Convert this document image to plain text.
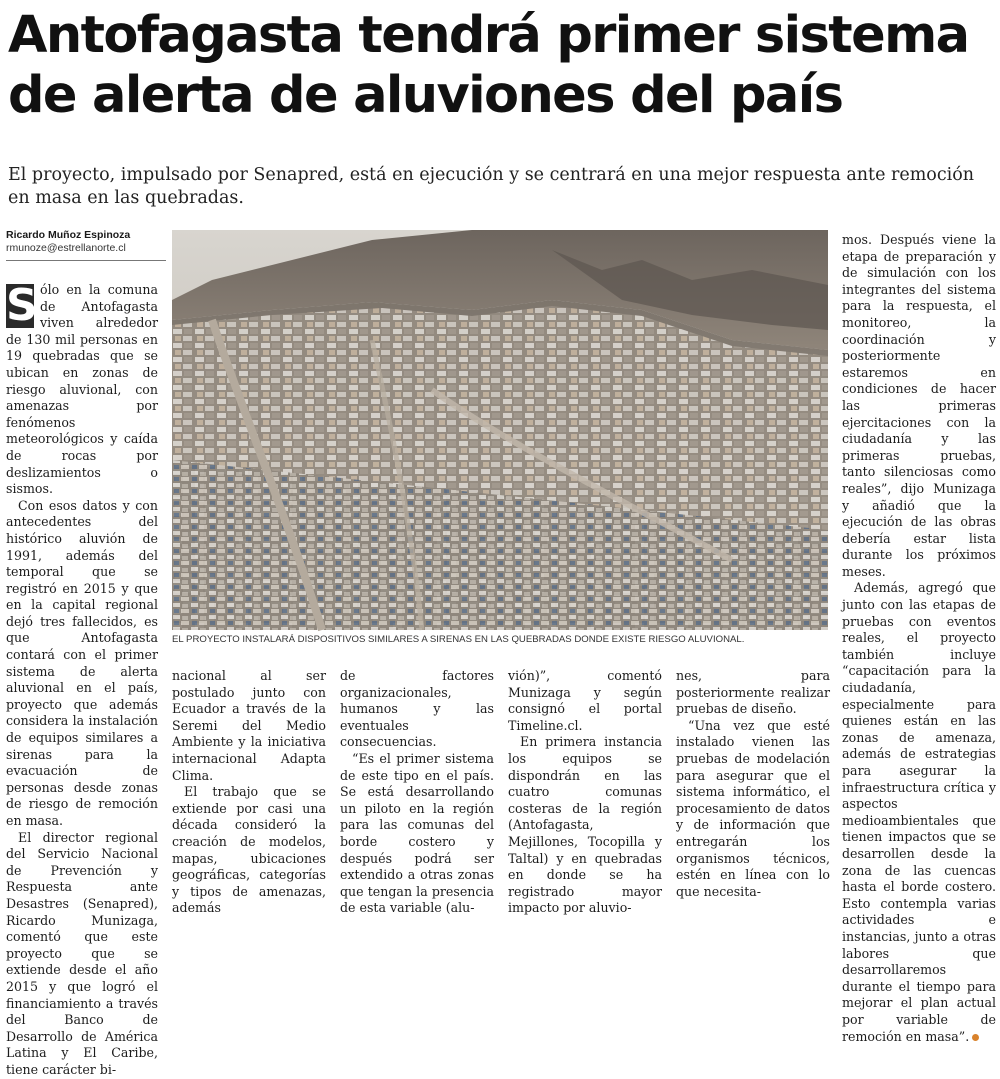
Antofagasta tendrá primer sistema
de alerta de aluviones del país

El proyecto, impulsado por Senapred, está en ejecución y se centrará en una mejor respuesta ante remoción en masa en las quebradas.

Ricardo Muñoz Espinoza
rmunoze@estrellanorte.cl

S ólo en la comuna de Antofagasta viven alrededor de 130 mil personas en 19 quebradas que se ubican en zonas de riesgo aluvional, con amenazas por fenómenos meteorológicos y caída de rocas por deslizamientos o sismos.

Con esos datos y con antecedentes del histórico aluvión de 1991, además del temporal que se registró en 2015 y que en la capital regional dejó tres fallecidos, es que Antofagasta contará con el primer sistema de alerta aluvional en el país, proyecto que además considera la instalación de equipos similares a sirenas para la evacuación de personas desde zonas de riesgo de remoción en masa.

El director regional del Servicio Nacional de Prevención y Respuesta ante Desastres (Senapred), Ricardo Munizaga, comentó que este proyecto que se extiende desde el año 2015 y que logró el financiamiento a través del Banco de Desarrollo de América Latina y El Caribe, tiene carácter bi-

EL PROYECTO INSTALARÁ DISPOSITIVOS SIMILARES A SIRENAS EN LAS QUEBRADAS DONDE EXISTE RIESGO ALUVIONAL.

nacional al ser postulado junto con Ecuador a través de la Seremi del Medio Ambiente y la iniciativa internacional Adapta Clima.

El trabajo que se extiende por casi una década consideró la creación de modelos, mapas, ubicaciones geográficas, categorías y tipos de amenazas, además

de factores organizacionales, humanos y las eventuales consecuencias.

“Es el primer sistema de este tipo en el país. Se está desarrollando un piloto en la región para las comunas del borde costero y después podrá ser extendido a otras zonas que tengan la presencia de esta variable (alu-

vión)”, comentó Munizaga y según consignó el portal Timeline.cl.

En primera instancia los equipos se dispondrán en las cuatro comunas costeras de la región (Antofagasta, Mejillones, Tocopilla y Taltal) y en quebradas en donde se ha registrado mayor impacto por aluvio-

nes, para posteriormente realizar pruebas de diseño.

“Una vez que esté instalado vienen las pruebas de modelación para asegurar que el sistema informático, el procesamiento de datos y de información que entregarán los organismos técnicos, estén en línea con lo que necesita-

mos. Después viene la etapa de preparación y de simulación con los integrantes del sistema para la respuesta, el monitoreo, la coordinación y posteriormente estaremos en condiciones de hacer las primeras ejercitaciones con la ciudadanía y las primeras pruebas, tanto silenciosas como reales”, dijo Munizaga y añadió que la ejecución de las obras debería estar lista durante los próximos meses.

Además, agregó que junto con las etapas de pruebas con eventos reales, el proyecto también incluye “capacitación para la ciudadanía, especialmente para quienes están en las zonas de amenaza, además de estrategias para asegurar la infraestructura crítica y aspectos medioambientales que tienen impactos que se desarrollen desde la zona de las cuencas hasta el borde costero. Esto contempla varias actividades e instancias, junto a otras labores que desarrollaremos durante el tiempo para mejorar el plan actual por variable de remoción en masa”.
